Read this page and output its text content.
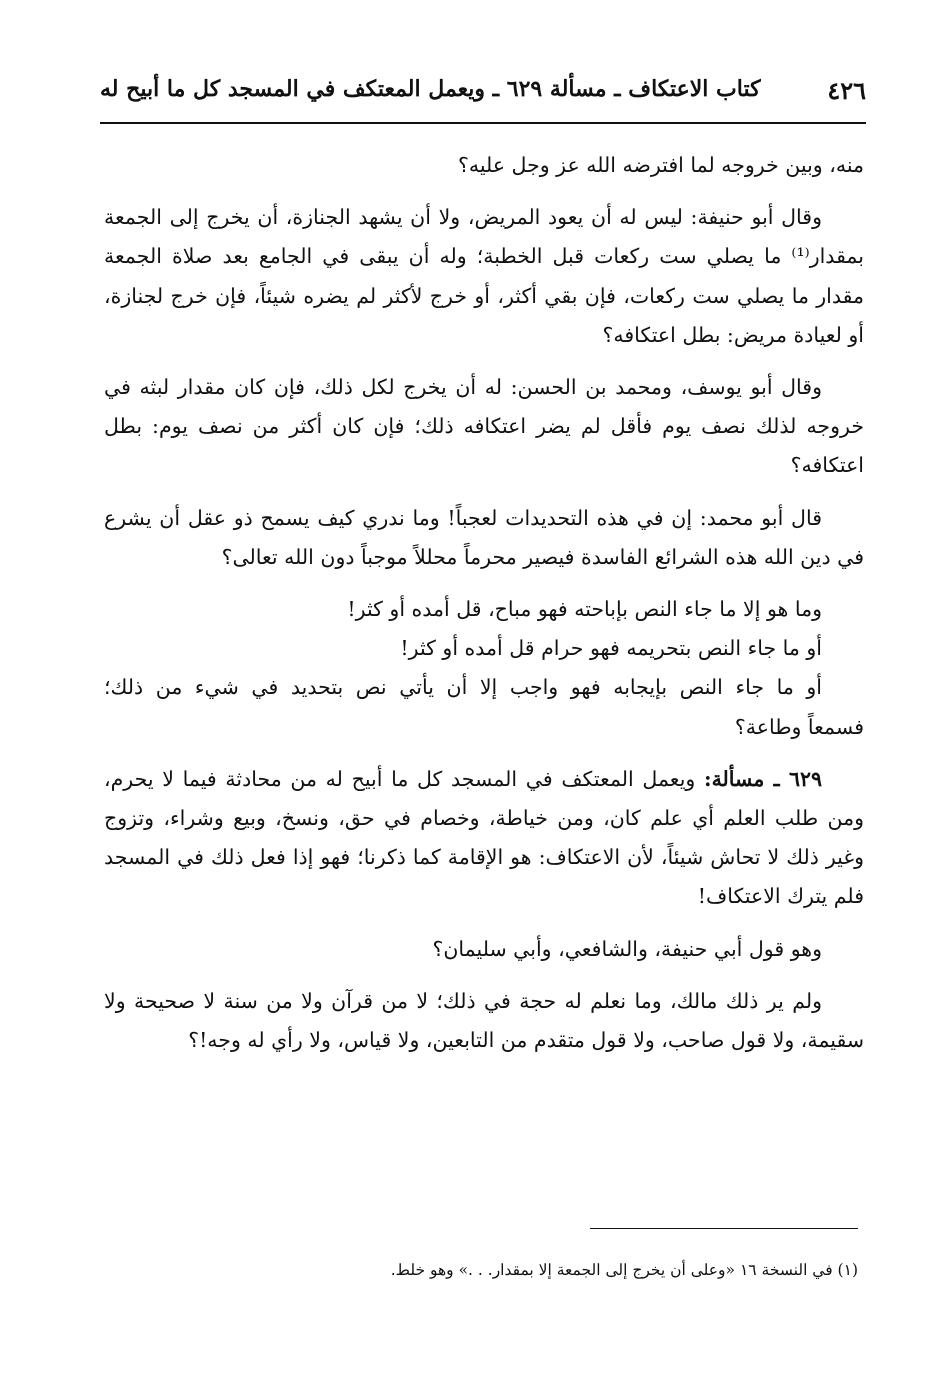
٤٢٦
كتاب الاعتكاف ـ مسألة ٦٢٩ ـ ويعمل المعتكف في المسجد كل ما أبيح له

منه، وبين خروجه لما افترضه الله عز وجل عليه؟

وقال أبو حنيفة: ليس له أن يعود المريض، ولا أن يشهد الجنازة، أن يخرج إلى الجمعة بمقدار⁽¹⁾ ما يصلي ست ركعات قبل الخطبة؛ وله أن يبقى في الجامع بعد صلاة الجمعة مقدار ما يصلي ست ركعات، فإن بقي أكثر، أو خرج لأكثر لم يضره شيئاً، فإن خرج لجنازة، أو لعيادة مريض: بطل اعتكافه؟

وقال أبو يوسف، ومحمد بن الحسن: له أن يخرج لكل ذلك، فإن كان مقدار لبثه في خروجه لذلك نصف يوم فأقل لم يضر اعتكافه ذلك؛ فإن كان أكثر من نصف يوم: بطل اعتكافه؟

قال أبو محمد: إن في هذه التحديدات لعجباً! وما ندري كيف يسمح ذو عقل أن يشرع في دين الله هذه الشرائع الفاسدة فيصير محرماً محللاً موجباً دون الله تعالى؟

وما هو إلا ما جاء النص بإباحته فهو مباح، قل أمده أو كثر!
أو ما جاء النص بتحريمه فهو حرام قل أمده أو كثر!
أو ما جاء النص بإيجابه فهو واجب إلا أن يأتي نص بتحديد في شيء من ذلك؛
فسمعاً وطاعة؟

٦٢٩ ـ مسألة: ويعمل المعتكف في المسجد كل ما أبيح له من محادثة فيما لا يحرم، ومن طلب العلم أي علم كان، ومن خياطة، وخصام في حق، ونسخ، وبيع وشراء، وتزوج وغير ذلك لا تحاش شيئاً، لأن الاعتكاف: هو الإقامة كما ذكرنا؛ فهو إذا فعل ذلك في المسجد فلم يترك الاعتكاف!

وهو قول أبي حنيفة، والشافعي، وأبي سليمان؟

ولم ير ذلك مالك، وما نعلم له حجة في ذلك؛ لا من قرآن ولا من سنة لا صحيحة ولا سقيمة، ولا قول صاحب، ولا قول متقدم من التابعين، ولا قياس، ولا رأي له وجه!؟

(١) في النسخة ١٦ «وعلى أن يخرج إلى الجمعة إلا بمقدار. . .» وهو خلط.
